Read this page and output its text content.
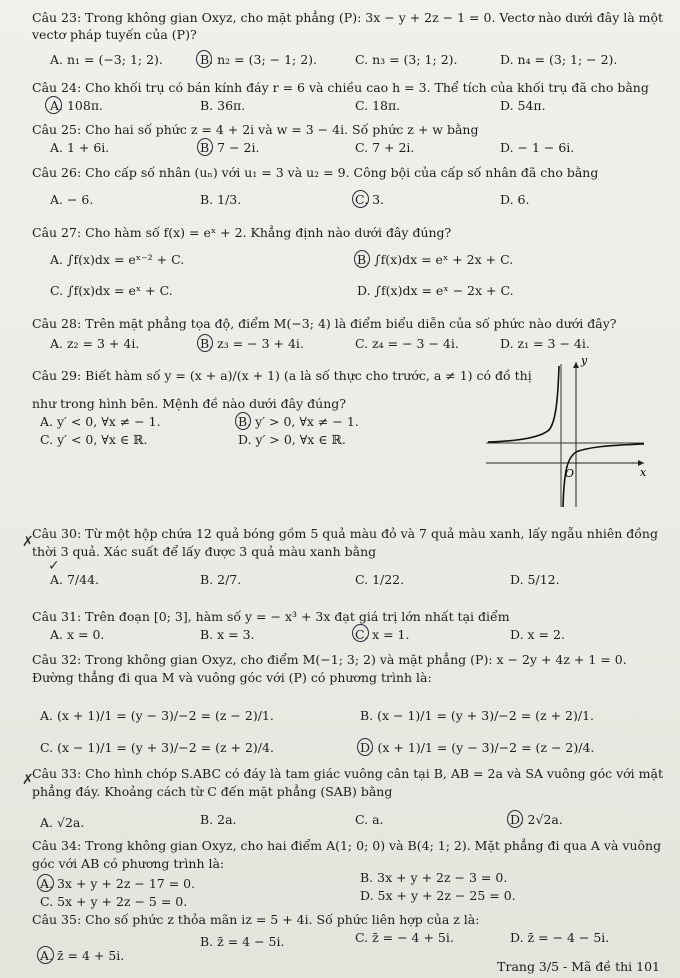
Câu 23: Trong không gian Oxyz, cho mặt phẳng (P): 3x − y + 2z − 1 = 0. Vectơ nào dưới đây là một
vectơ pháp tuyến của (P)?
A. n₁ = (−3; 1; 2).	B. n₂ = (3; − 1; 2).	C. n₃ = (3; 1; 2).	D. n₄ = (3; 1; − 2).
Câu 24: Cho khối trụ có bán kính đáy r = 6 và chiều cao h = 3. Thể tích của khối trụ đã cho bằng
A. 108π.	B. 36π.	C. 18π.	D. 54π.
Câu 25: Cho hai số phức z = 4 + 2i và w = 3 − 4i. Số phức z + w bằng
A. 1 + 6i.	B. 7 − 2i.	C. 7 + 2i.	D. − 1 − 6i.
Câu 26: Cho cấp số nhân (uₙ) với u₁ = 3 và u₂ = 9. Công bội của cấp số nhân đã cho bằng
A. − 6.	B. 1/3.	C. 3.	D. 6.
Câu 27: Cho hàm số f(x) = eˣ + 2. Khẳng định nào dưới đây đúng?
A. ∫f(x)dx = eˣ⁻² + C.	B. ∫f(x)dx = eˣ + 2x + C.
C. ∫f(x)dx = eˣ + C.	D. ∫f(x)dx = eˣ − 2x + C.
Câu 28: Trên mặt phẳng tọa độ, điểm M(−3; 4) là điểm biểu diễn của số phức nào dưới đây?
A. z₂ = 3 + 4i.	B. z₃ = − 3 + 4i.	C. z₄ = − 3 − 4i.	D. z₁ = 3 − 4i.
Câu 29: Biết hàm số y = (x + a)/(x + 1) (a là số thực cho trước, a ≠ 1) có đồ thị
như trong hình bên. Mệnh đề nào dưới đây đúng?
A. y′ < 0, ∀x ≠ − 1.	B. y′ > 0, ∀x ≠ − 1.
C. y′ < 0, ∀x ∈ ℝ.	D. y′ > 0, ∀x ∈ ℝ.
y
x
O
✗
Câu 30: Từ một hộp chứa 12 quả bóng gồm 5 quả màu đỏ và 7 quả màu xanh, lấy ngẫu nhiên đồng
thời 3 quả. Xác suất để lấy được 3 quả màu xanh bằng
✓
A. 7/44.	B. 2/7.	C. 1/22.	D. 5/12.
Câu 31: Trên đoạn [0; 3], hàm số y = − x³ + 3x đạt giá trị lớn nhất tại điểm
A. x = 0.	B. x = 3.	C. x = 1.	D. x = 2.
Câu 32: Trong không gian Oxyz, cho điểm M(−1; 3; 2) và mặt phẳng (P): x − 2y + 4z + 1 = 0.
Đường thẳng đi qua M và vuông góc với (P) có phương trình là:
A. (x + 1)/1 = (y − 3)/−2 = (z − 2)/1.	B. (x − 1)/1 = (y + 3)/−2 = (z + 2)/1.
C. (x − 1)/1 = (y + 3)/−2 = (z + 2)/4.	D. (x + 1)/1 = (y − 3)/−2 = (z − 2)/4.
✗
Câu 33: Cho hình chóp S.ABC có đáy là tam giác vuông cân tại B, AB = 2a và SA vuông góc với mặt
phẳng đáy. Khoảng cách từ C đến mặt phẳng (SAB) bằng
A. √2a.	B. 2a.	C. a.	D. 2√2a.
Câu 34: Trong không gian Oxyz, cho hai điểm A(1; 0; 0) và B(4; 1; 2). Mặt phẳng đi qua A và vuông
góc với AB có phương trình là:
A. 3x + y + 2z − 17 = 0.	B. 3x + y + 2z − 3 = 0.
C. 5x + y + 2z − 5 = 0.	D. 5x + y + 2z − 25 = 0.
Câu 35: Cho số phức z thỏa mãn iz = 5 + 4i. Số phức liên hợp của z là:
A. z̄ = 4 + 5i.
B. z̄ = 4 − 5i.	C. z̄ = − 4 + 5i.	D. z̄ = − 4 − 5i.
Trang 3/5 - Mã đề thi 101
